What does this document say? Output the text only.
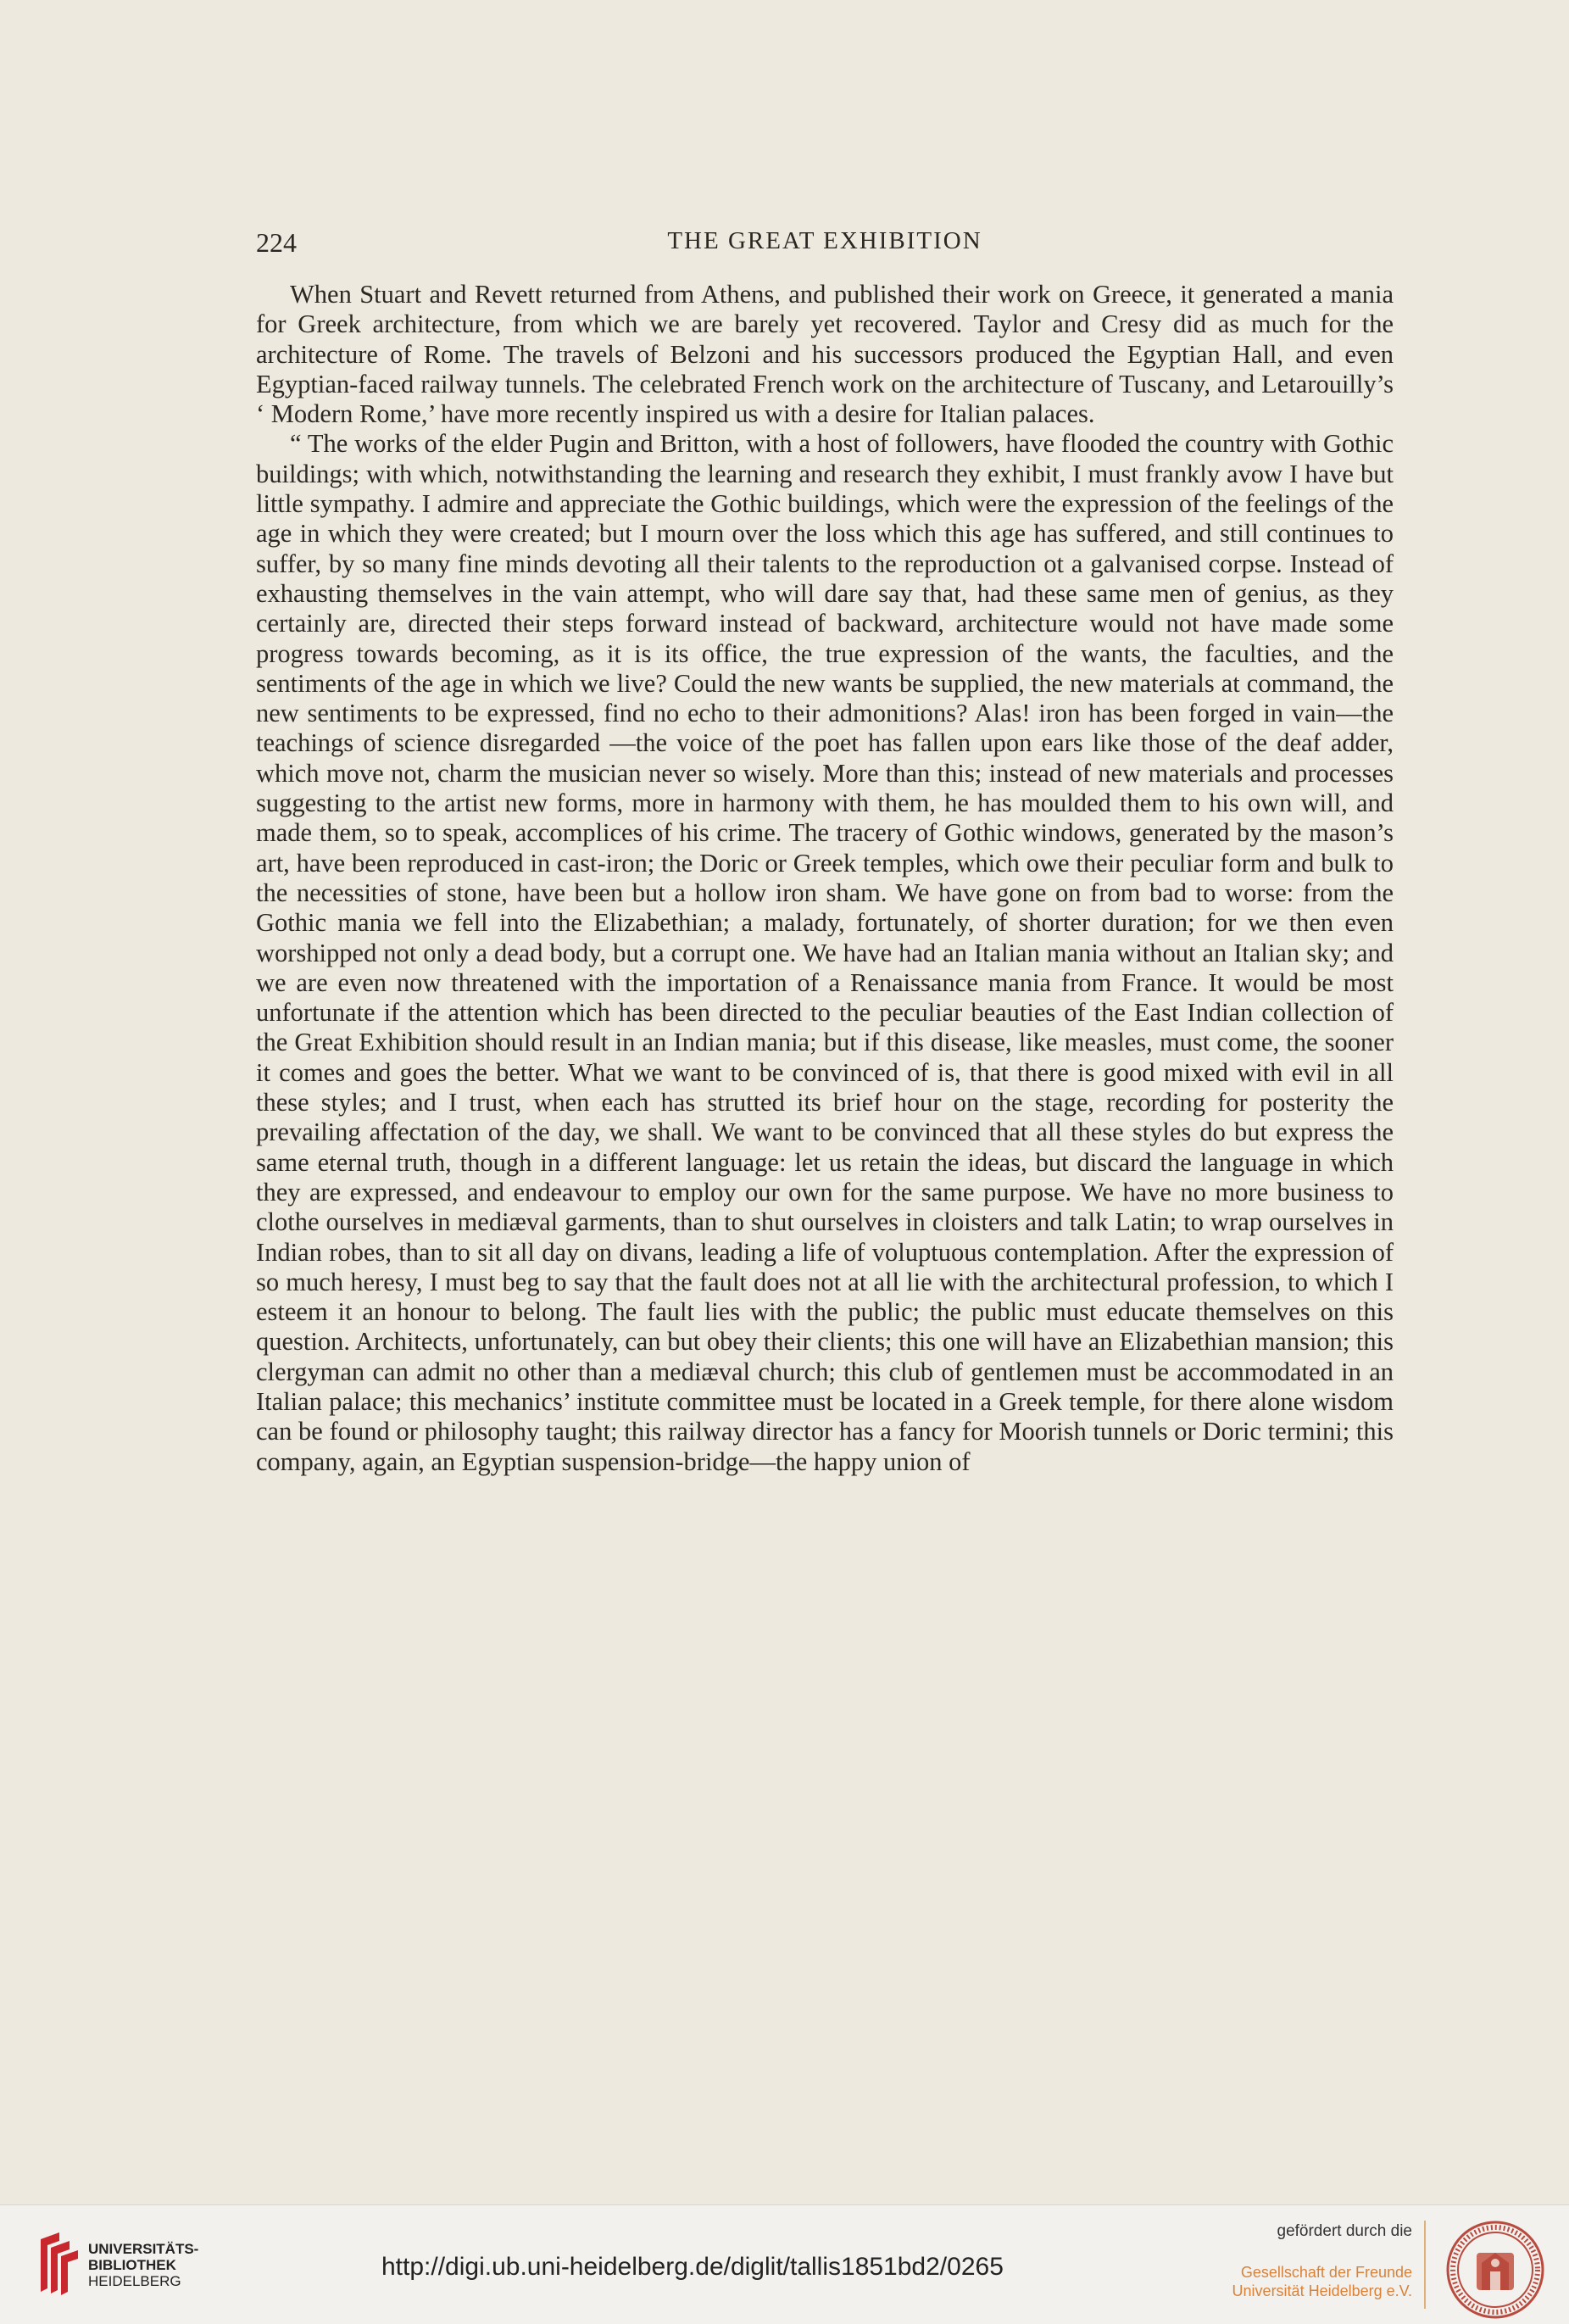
224	THE GREAT EXHIBITION

When Stuart and Revett returned from Athens, and published their work on Greece, it generated a mania for Greek architecture, from which we are barely yet recovered. Taylor and Cresy did as much for the architecture of Rome. The travels of Belzoni and his successors produced the Egyptian Hall, and even Egyptian-faced railway tunnels. The celebrated French work on the architecture of Tuscany, and Letarouilly’s ‘ Modern Rome,’ have more recently inspired us with a desire for Italian palaces.

“ The works of the elder Pugin and Britton, with a host of followers, have flooded the country with Gothic buildings; with which, notwithstanding the learning and research they exhibit, I must frankly avow I have but little sympathy. I admire and appreciate the Gothic buildings, which were the expression of the feelings of the age in which they were created; but I mourn over the loss which this age has suffered, and still continues to suffer, by so many fine minds devoting all their talents to the reproduction ot a galvanised corpse. Instead of exhausting themselves in the vain attempt, who will dare say that, had these same men of genius, as they certainly are, directed their steps forward instead of backward, architecture would not have made some progress towards becoming, as it is its office, the true expression of the wants, the faculties, and the sentiments of the age in which we live? Could the new wants be supplied, the new materials at command, the new sentiments to be expressed, find no echo to their admonitions? Alas! iron has been forged in vain—the teachings of science disregarded —the voice of the poet has fallen upon ears like those of the deaf adder, which move not, charm the musician never so wisely. More than this; instead of new materials and processes suggesting to the artist new forms, more in harmony with them, he has moulded them to his own will, and made them, so to speak, accomplices of his crime. The tracery of Gothic windows, generated by the mason’s art, have been reproduced in cast-iron; the Doric or Greek temples, which owe their peculiar form and bulk to the necessities of stone, have been but a hollow iron sham. We have gone on from bad to worse: from the Gothic mania we fell into the Elizabethian; a malady, fortunately, of shorter duration; for we then even worshipped not only a dead body, but a corrupt one. We have had an Italian mania without an Italian sky; and we are even now threatened with the importation of a Renaissance mania from France. It would be most unfortunate if the attention which has been directed to the peculiar beauties of the East Indian collection of the Great Exhibition should result in an Indian mania; but if this disease, like measles, must come, the sooner it comes and goes the better. What we want to be convinced of is, that there is good mixed with evil in all these styles; and I trust, when each has strutted its brief hour on the stage, recording for posterity the prevailing affectation of the day, we shall. We want to be convinced that all these styles do but express the same eternal truth, though in a different language: let us retain the ideas, but discard the language in which they are expressed, and endeavour to employ our own for the same purpose. We have no more business to clothe ourselves in mediæval garments, than to shut ourselves in cloisters and talk Latin; to wrap ourselves in Indian robes, than to sit all day on divans, leading a life of voluptuous contemplation. After the expression of so much heresy, I must beg to say that the fault does not at all lie with the architectural profession, to which I esteem it an honour to belong. The fault lies with the public; the public must educate themselves on this question. Architects, unfortunately, can but obey their clients; this one will have an Elizabethian mansion; this clergyman can admit no other than a mediæval church; this club of gentlemen must be accommodated in an Italian palace; this mechanics’ institute committee must be located in a Greek temple, for there alone wisdom can be found or philosophy taught; this railway director has a fancy for Moorish tunnels or Doric termini; this company, again, an Egyptian suspension-bridge—the happy union of

UNIVERSITÄTS-
BIBLIOTHEK
HEIDELBERG
http://digi.ub.uni-heidelberg.de/diglit/tallis1851bd2/0265
gefördert durch die
Gesellschaft der Freunde
Universität Heidelberg e.V.
